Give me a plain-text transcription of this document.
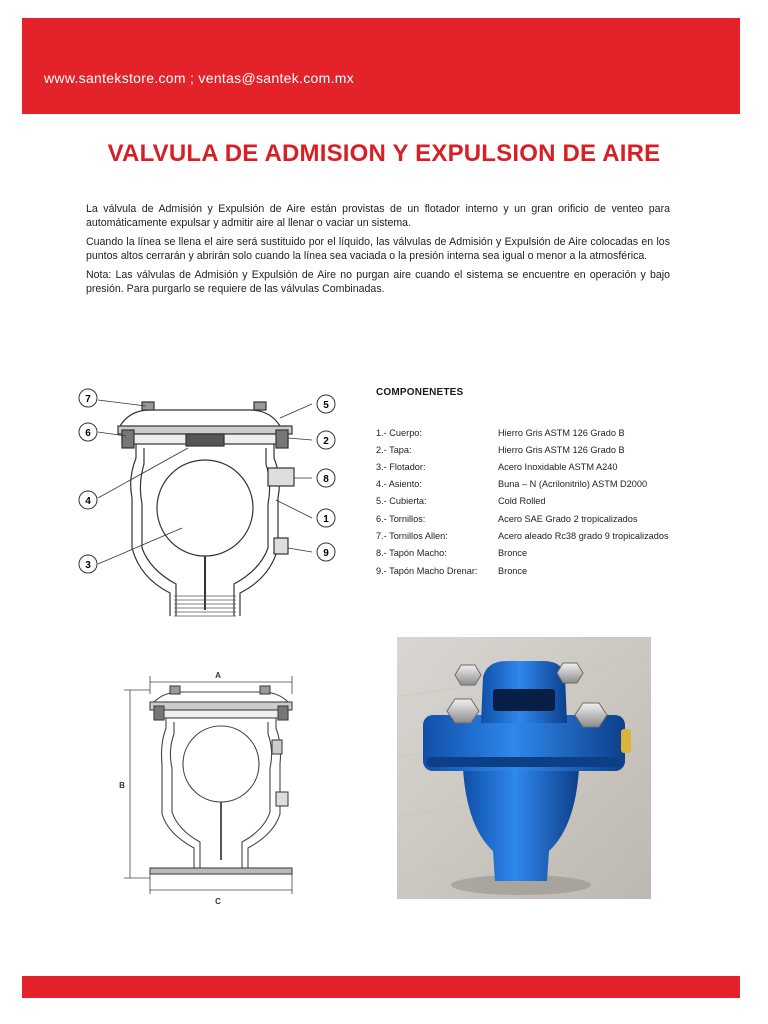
www.santekstore.com ; ventas@santek.com.mx
VALVULA DE ADMISION Y EXPULSION DE AIRE
La válvula de Admisión y Expulsión de Aire están provistas de un flotador interno y un gran orificio de venteo para automáticamente expulsar y admitir aire al llenar o vaciar un sistema.
Cuando la línea se llena el aire será sustituido por el líquido, las válvulas de Admisión y Expulsión de Aire colocadas en los puntos altos cerrarán y abrirán solo cuando la línea sea vaciada o la presión interna sea igual o menor a la atmosférica.
Nota: Las válvulas de Admisión y Expulsión de Aire no purgan aire cuando el sistema se encuentre en operación y bajo presión. Para purgarlo se requiere de las válvulas Combinadas.
7
6
4
3
5
2
8
1
9
COMPONENETES
1.- Cuerpo:	Hierro Gris ASTM 126 Grado B
2.- Tapa:	Hierro Gris ASTM 126 Grado B
3.- Flotador:	Acero Inoxidable ASTM A240
4.- Asiento:	Buna – N (Acrilonitrilo) ASTM D2000
5.- Cubierta:	Cold Rolled
6.- Tornillos:	Acero SAE Grado 2 tropicalizados
7.- Tornillos Allen:	Acero aleado Rc38 grado 9 tropicalizados
8.- Tapón Macho:	Bronce
9.- Tapón Macho Drenar: Bronce
A
B
C
